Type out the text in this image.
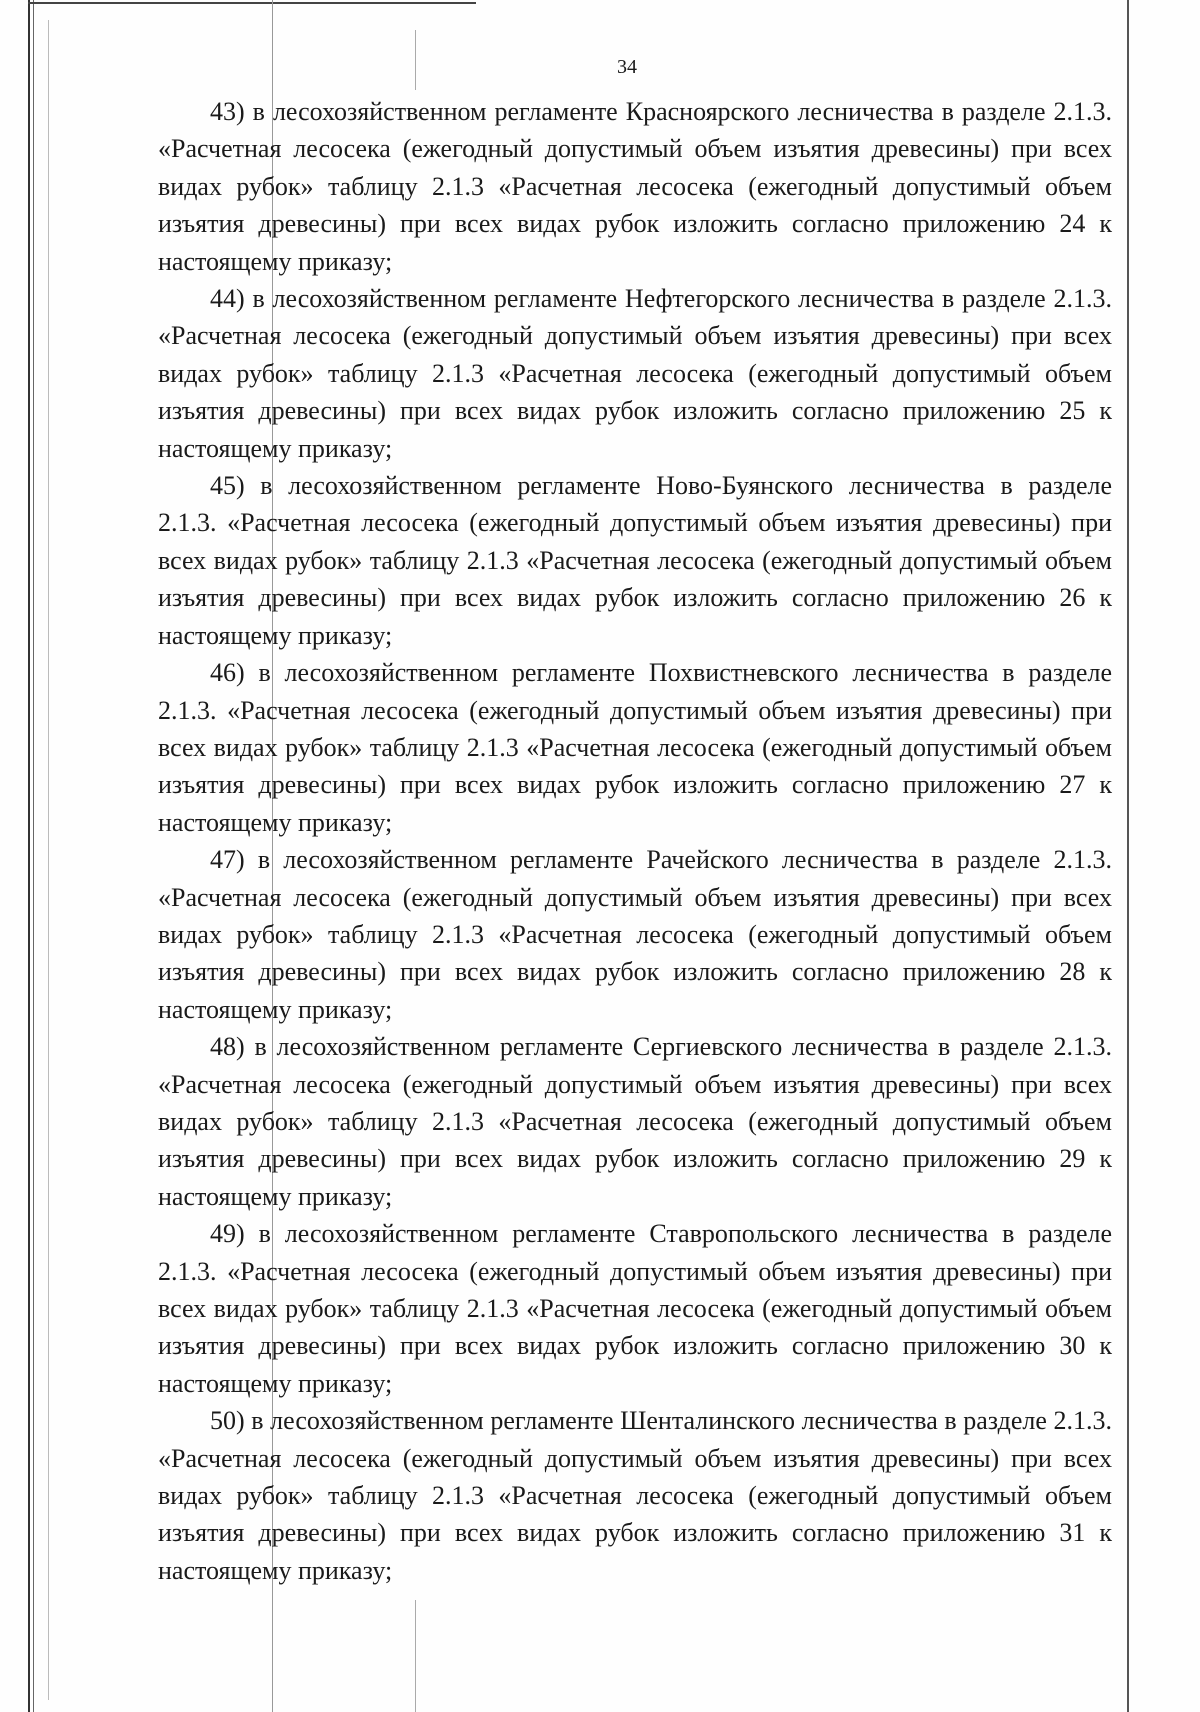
34

43) в лесохозяйственном регламенте Красноярского лесничества в разделе 2.1.3. «Расчетная лесосека (ежегодный допустимый объем изъятия древесины) при всех видах рубок» таблицу 2.1.3 «Расчетная лесосека (ежегодный допустимый объем изъятия древесины) при всех видах рубок изложить согласно приложению 24 к настоящему приказу;

44) в лесохозяйственном регламенте Нефтегорского лесничества в разделе 2.1.3. «Расчетная лесосека (ежегодный допустимый объем изъятия древесины) при всех видах рубок» таблицу 2.1.3 «Расчетная лесосека (ежегодный допустимый объем изъятия древесины) при всех видах рубок изложить согласно приложению 25 к настоящему приказу;

45) в лесохозяйственном регламенте Ново-Буянского лесничества в разделе 2.1.3. «Расчетная лесосека (ежегодный допустимый объем изъятия древесины) при всех видах рубок» таблицу 2.1.3 «Расчетная лесосека (ежегодный допустимый объем изъятия древесины) при всех видах рубок изложить согласно приложению 26 к настоящему приказу;

46) в лесохозяйственном регламенте Похвистневского лесничества в разделе 2.1.3. «Расчетная лесосека (ежегодный допустимый объем изъятия древесины) при всех видах рубок» таблицу 2.1.3 «Расчетная лесосека (ежегодный допустимый объем изъятия древесины) при всех видах рубок изложить согласно приложению 27 к настоящему приказу;

47) в лесохозяйственном регламенте Рачейского лесничества в разделе 2.1.3. «Расчетная лесосека (ежегодный допустимый объем изъятия древесины) при всех видах рубок» таблицу 2.1.3 «Расчетная лесосека (ежегодный допустимый объем изъятия древесины) при всех видах рубок изложить согласно приложению 28 к настоящему приказу;

48) в лесохозяйственном регламенте Сергиевского лесничества в разделе 2.1.3. «Расчетная лесосека (ежегодный допустимый объем изъятия древесины) при всех видах рубок» таблицу 2.1.3 «Расчетная лесосека (ежегодный допустимый объем изъятия древесины) при всех видах рубок изложить согласно приложению 29 к настоящему приказу;

49) в лесохозяйственном регламенте Ставропольского лесничества в разделе 2.1.3. «Расчетная лесосека (ежегодный допустимый объем изъятия древесины) при всех видах рубок» таблицу 2.1.3 «Расчетная лесосека (ежегодный допустимый объем изъятия древесины) при всех видах рубок изложить согласно приложению 30 к настоящему приказу;

50) в лесохозяйственном регламенте Шенталинского лесничества в разделе 2.1.3. «Расчетная лесосека (ежегодный допустимый объем изъятия древесины) при всех видах рубок» таблицу 2.1.3 «Расчетная лесосека (ежегодный допустимый объем изъятия древесины) при всех видах рубок изложить согласно приложению 31 к настоящему приказу;
